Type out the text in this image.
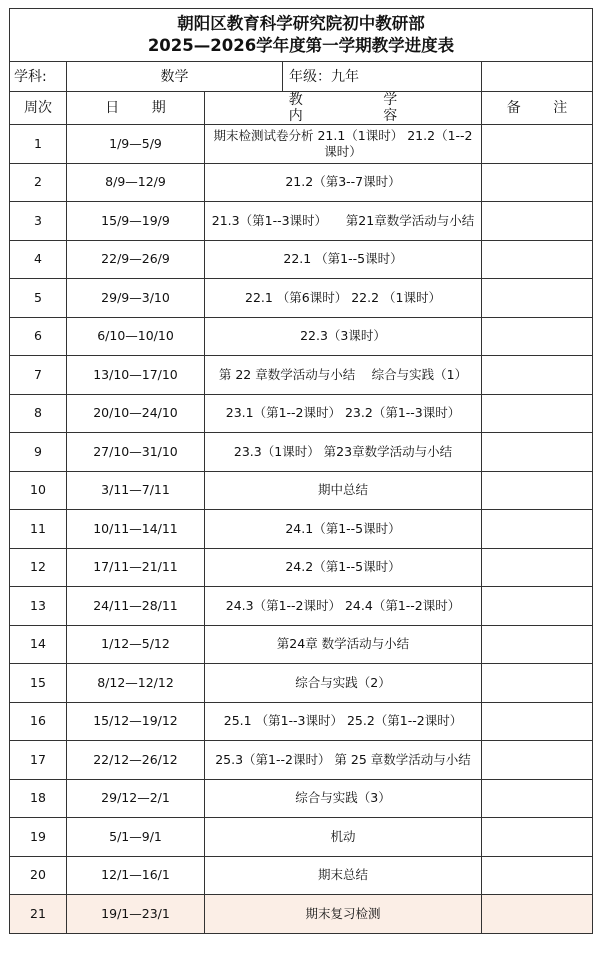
朝阳区教育科学研究院初中教研部
2025—2026学年度第一学期教学进度表				

学科:	数学		年级：九年	
周次	日 期	教 学 内 容		备 注
1	1/9—5/9	期末检测试卷分析 21.1（1课时） 21.2（1--2课时）		
2	8/9—12/9	21.2（第3--7课时）		
3	15/9—19/9	21.3（第1--3课时）　　第21章数学活动与小结		
4	22/9—26/9	22.1 （第1--5课时）		
5	29/9—3/10	22.1 （第6课时） 22.2 （1课时）		
6	6/10—10/10	22.3（3课时）		
7	13/10—17/10	第 22 章数学活动与小结　 综合与实践（1）		
8	20/10—24/10	23.1（第1--2课时） 23.2（第1--3课时）		
9	27/10—31/10	23.3（1课时） 第23章数学活动与小结		
10	3/11—7/11	期中总结		
11	10/11—14/11	24.1（第1--5课时）		
12	17/11—21/11	24.2（第1--5课时）		
13	24/11—28/11	24.3（第1--2课时） 24.4（第1--2课时）		
14	1/12—5/12	第24章 数学活动与小结		
15	8/12—12/12	综合与实践（2）		
16	15/12—19/12	25.1 （第1--3课时） 25.2（第1--2课时）		
17	22/12—26/12	25.3（第1--2课时） 第 25 章数学活动与小结		
18	29/12—2/1	综合与实践（3）		
19	5/1—9/1	机动		
20	12/1—16/1	期末总结		
21	19/1—23/1	期末复习检测		
